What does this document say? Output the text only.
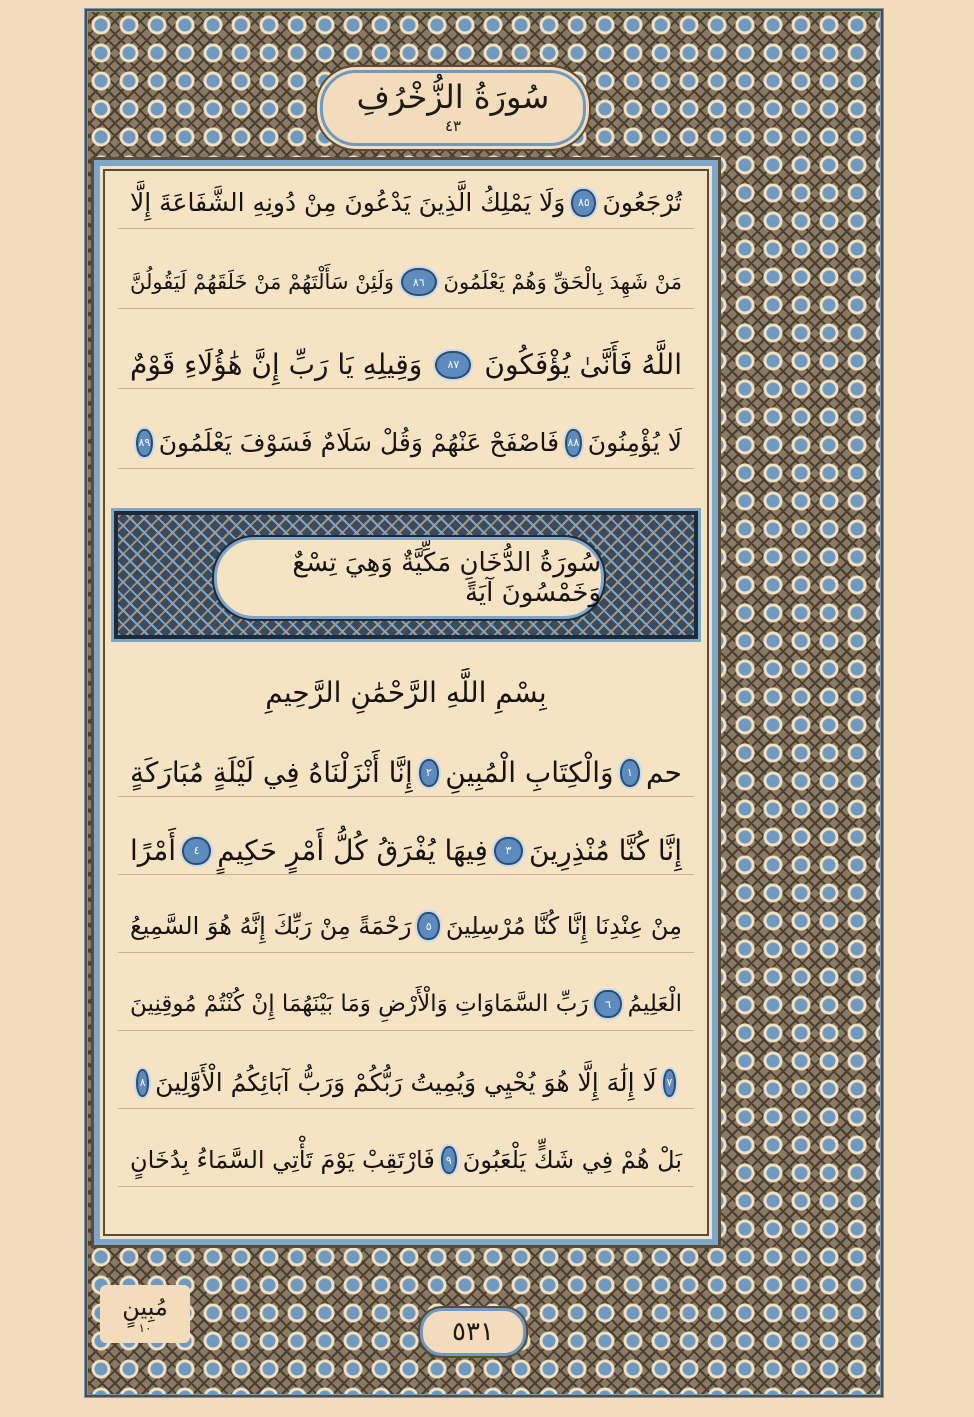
سُورَةُ الزُّخْرُفِ
٤٣
سُورَةُ الدُّخَانِ مَكِّيَّةٌ وَهِيَ تِسْعٌ وَخَمْسُونَ آيَةً
بِسْمِ اللَّهِ الرَّحْمَٰنِ الرَّحِيمِ
تُرْجَعُونَ
٨٥
وَلَا يَمْلِكُ الَّذِينَ يَدْعُونَ مِنْ دُونِهِ الشَّفَاعَةَ إِلَّا
مَنْ شَهِدَ بِالْحَقِّ وَهُمْ يَعْلَمُونَ
٨٦
وَلَئِنْ سَأَلْتَهُمْ مَنْ خَلَقَهُمْ لَيَقُولُنَّ
اللَّهُ فَأَنَّىٰ يُؤْفَكُونَ
٨٧
وَقِيلِهِ يَا رَبِّ إِنَّ هَٰؤُلَاءِ قَوْمٌ
لَا يُؤْمِنُونَ
٨٨
فَاصْفَحْ عَنْهُمْ وَقُلْ سَلَامٌ فَسَوْفَ يَعْلَمُونَ
٨٩
حم
١
وَالْكِتَابِ الْمُبِينِ
٢
إِنَّا أَنْزَلْنَاهُ فِي لَيْلَةٍ مُبَارَكَةٍ
إِنَّا كُنَّا مُنْذِرِينَ
٣
فِيهَا يُفْرَقُ كُلُّ أَمْرٍ حَكِيمٍ
٤
أَمْرًا
مِنْ عِنْدِنَا إِنَّا كُنَّا مُرْسِلِينَ
٥
رَحْمَةً مِنْ رَبِّكَ إِنَّهُ هُوَ السَّمِيعُ
الْعَلِيمُ
٦
رَبِّ السَّمَاوَاتِ وَالْأَرْضِ وَمَا بَيْنَهُمَا إِنْ كُنْتُمْ مُوقِنِينَ
٧
لَا إِلَٰهَ إِلَّا هُوَ يُحْيِي وَيُمِيتُ رَبُّكُمْ وَرَبُّ آبَائِكُمُ الْأَوَّلِينَ
٨
بَلْ هُمْ فِي شَكٍّ يَلْعَبُونَ
٩
فَارْتَقِبْ يَوْمَ تَأْتِي السَّمَاءُ بِدُخَانٍ
مُبِينٍ
١٠	٥٣١
